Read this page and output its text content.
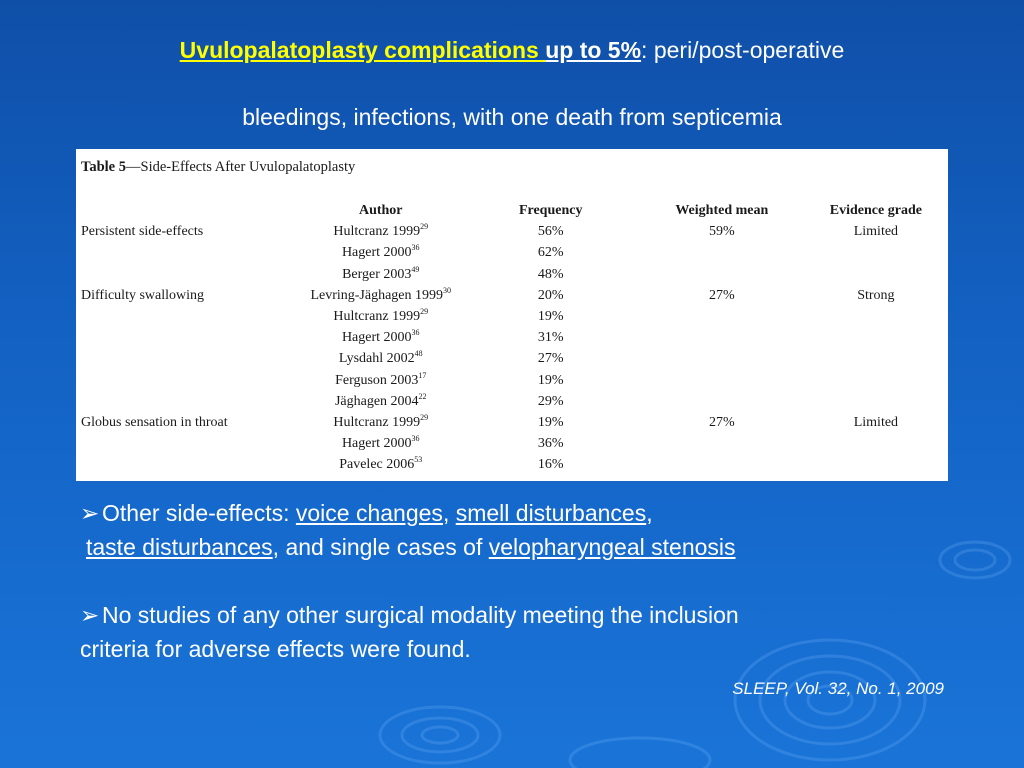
Uvulopalatoplasty complications up to 5%: peri/post-operative
bleedings, infections, with one death from septicemia
Table 5—Side-Effects After Uvulopalatoplasty
	Author	Frequency	Weighted mean	Evidence grade
Persistent side-effects	Hultcranz 1999$^{29}$	56%	59%	Limited
	Hagert 2000$^{36}$	62%		
	Berger 2003$^{49}$	48%		
Difficulty swallowing	Levring-Jäghagen 1999$^{30}$	20%	27%	Strong
	Hultcranz 1999$^{29}$	19%		
	Hagert 2000$^{36}$	31%		
	Lysdahl 2002$^{48}$	27%		
	Ferguson 2003$^{17}$	19%		
	Jäghagen 2004$^{22}$	29%		
Globus sensation in throat	Hultcranz 1999$^{29}$	19%	27%	Limited
	Hagert 2000$^{36}$	36%		
	Pavelec 2006$^{53}$	16%		

➢ Other side-effects: voice changes, smell disturbances,

taste disturbances, and single cases of velopharyngeal stenosis

➢ No studies of any other surgical modality meeting the inclusion

criteria for adverse effects were found.

SLEEP, Vol. 32, No. 1, 2009
